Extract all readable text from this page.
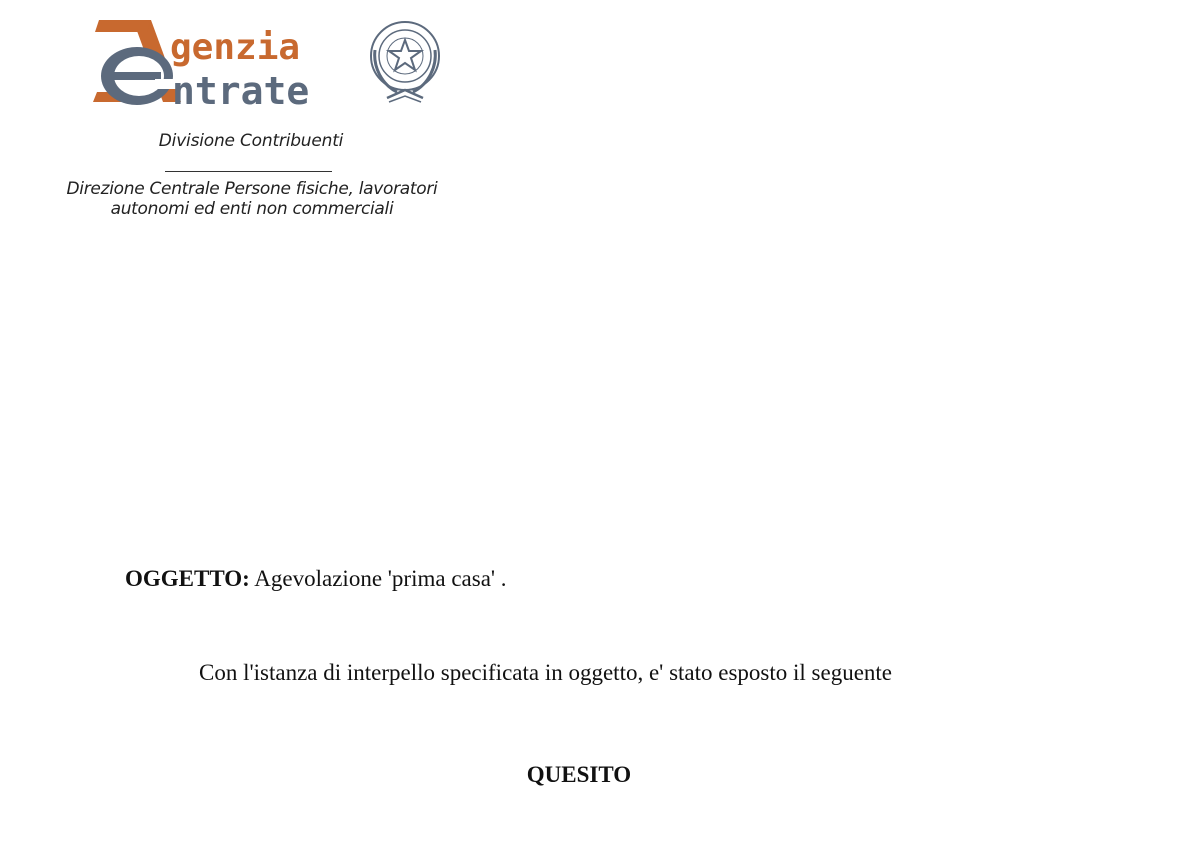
genzia
ntrate
Divisione Contribuenti
Direzione Centrale Persone fisiche, lavoratori
autonomi ed enti non commerciali
OGGETTO: Agevolazione 'prima casa' .
Con l'istanza di interpello specificata in oggetto, e' stato esposto il seguente
QUESITO
